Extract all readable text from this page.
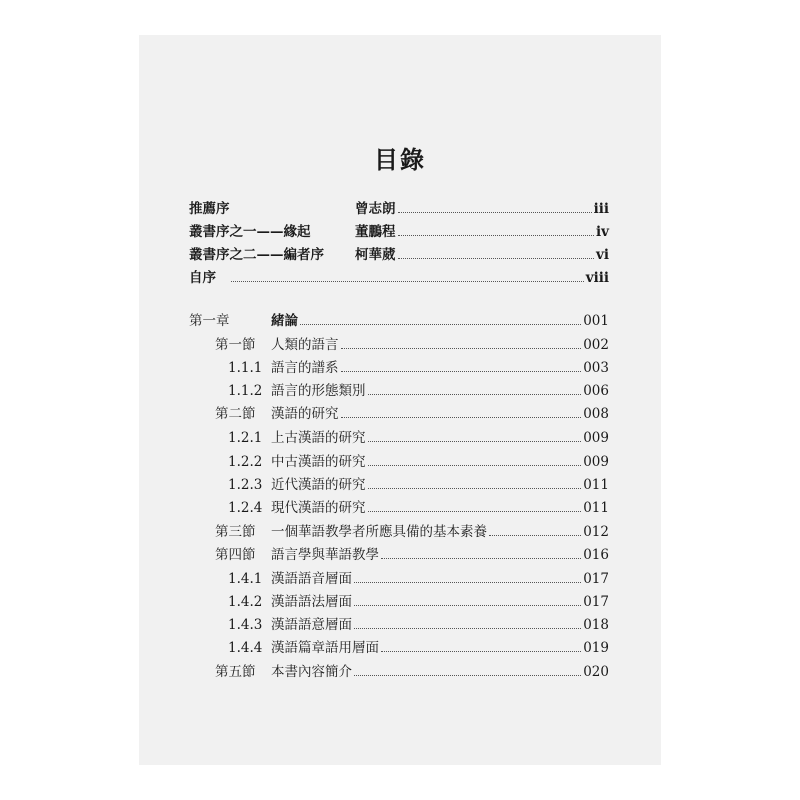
目錄
推薦序	曾志朗	iii
叢書序之一——緣起	董鵬程	iv
叢書序之二——編者序	柯華葳	vi
自序	viii
第一章	緒論	001
第一節	人類的語言	002
1.1.1 語言的譜系	003
1.1.2 語言的形態類別	006
第二節	漢語的研究	008
1.2.1 上古漢語的研究	009
1.2.2 中古漢語的研究	009
1.2.3 近代漢語的研究	011
1.2.4 現代漢語的研究	011
第三節	一個華語教學者所應具備的基本素養	012
第四節	語言學與華語教學	016
1.4.1 漢語語音層面	017
1.4.2 漢語語法層面	017
1.4.3 漢語語意層面	018
1.4.4 漢語篇章語用層面	019
第五節	本書內容簡介	020
